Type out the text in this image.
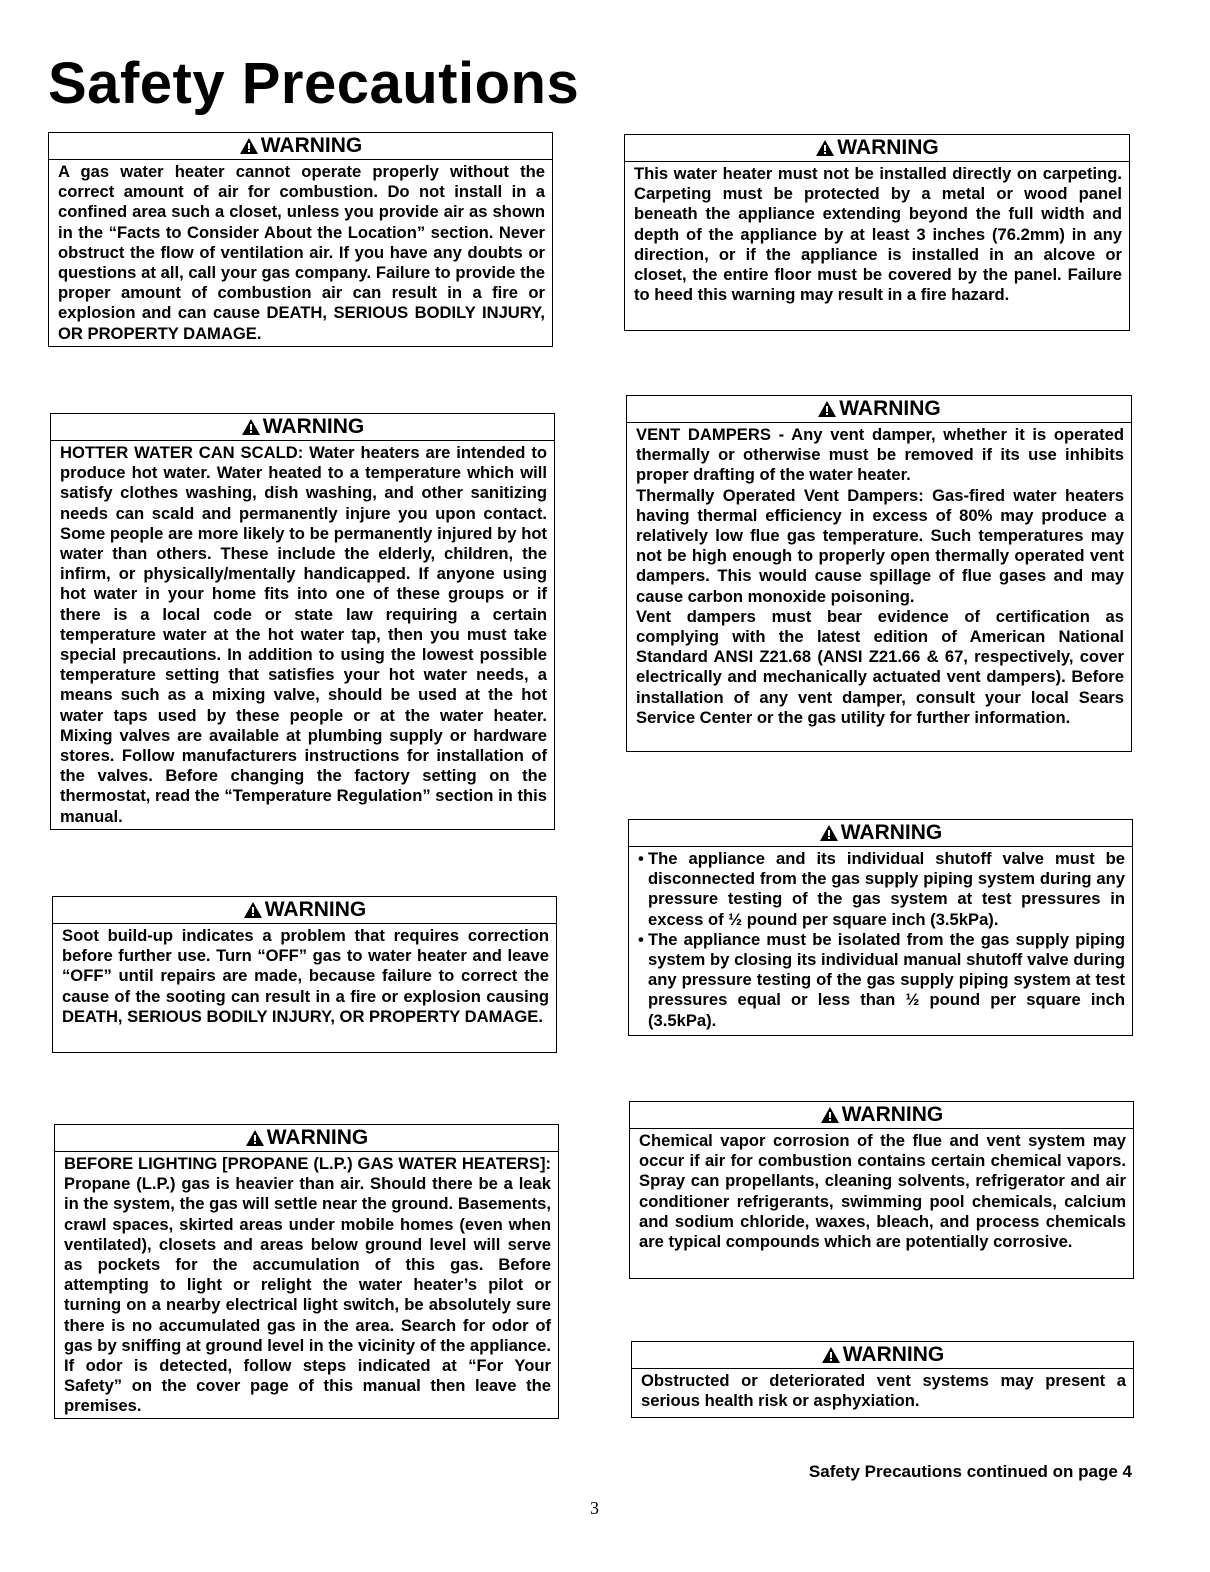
Safety Precautions
WARNING

A gas water heater cannot operate properly without the correct amount of air for combustion. Do not install in a confined area such a closet, unless you provide air as shown in the “Facts to Consider About the Location” section. Never obstruct the flow of ventilation air. If you have any doubts or questions at all, call your gas company. Failure to provide the proper amount of combustion air can result in a fire or explosion and can cause DEATH, SERIOUS BODILY INJURY, OR PROPERTY DAMAGE.

WARNING

HOTTER WATER CAN SCALD: Water heaters are intended to produce hot water. Water heated to a temperature which will satisfy clothes washing, dish washing, and other sanitizing needs can scald and permanently injure you upon contact. Some people are more likely to be permanently injured by hot water than others. These include the elderly, children, the infirm, or physically/mentally handicapped. If anyone using hot water in your home fits into one of these groups or if there is a local code or state law requiring a certain temperature water at the hot water tap, then you must take special precautions. In addition to using the lowest possible temperature setting that satisfies your hot water needs, a means such as a mixing valve, should be used at the hot water taps used by these people or at the water heater. Mixing valves are available at plumbing supply or hardware stores. Follow manufacturers instructions for installation of the valves. Before changing the factory setting on the thermostat, read the “Temperature Regulation” section in this manual.

WARNING

Soot build-up indicates a problem that requires correction before further use. Turn “OFF” gas to water heater and leave “OFF” until repairs are made, because failure to correct the cause of the sooting can result in a fire or explosion causing DEATH, SERIOUS BODILY INJURY, OR PROPERTY DAMAGE.

WARNING

BEFORE LIGHTING [PROPANE (L.P.) GAS WATER HEATERS]: Propane (L.P.) gas is heavier than air. Should there be a leak in the system, the gas will settle near the ground. Basements, crawl spaces, skirted areas under mobile homes (even when ventilated), closets and areas below ground level will serve as pockets for the accumulation of this gas. Before attempting to light or relight the water heater’s pilot or turning on a nearby electrical light switch, be absolutely sure there is no accumulated gas in the area. Search for odor of gas by sniffing at ground level in the vicinity of the appliance. If odor is detected, follow steps indicated at “For Your Safety” on the cover page of this manual then leave the premises.

WARNING

This water heater must not be installed directly on carpeting. Carpeting must be protected by a metal or wood panel beneath the appliance extending beyond the full width and depth of the appliance by at least 3 inches (76.2mm) in any direction, or if the appliance is installed in an alcove or closet, the entire floor must be covered by the panel. Failure to heed this warning may result in a fire hazard.

WARNING

VENT DAMPERS - Any vent damper, whether it is operated thermally or otherwise must be removed if its use inhibits proper drafting of the water heater.

Thermally Operated Vent Dampers: Gas-fired water heaters having thermal efficiency in excess of 80% may produce a relatively low flue gas temperature. Such temperatures may not be high enough to properly open thermally operated vent dampers. This would cause spillage of flue gases and may cause carbon monoxide poisoning.

Vent dampers must bear evidence of certification as complying with the latest edition of American National Standard ANSI Z21.68 (ANSI Z21.66 & 67, respectively, cover electrically and mechanically actuated vent dampers). Before installation of any vent damper, consult your local Sears Service Center or the gas utility for further information.

WARNING
• The appliance and its individual shutoff valve must be disconnected from the gas supply piping system during any pressure testing of the gas system at test pressures in excess of ½ pound per square inch (3.5kPa).
• The appliance must be isolated from the gas supply piping system by closing its individual manual shutoff valve during any pressure testing of the gas supply piping system at test pressures equal or less than ½ pound per square inch (3.5kPa).
WARNING

Chemical vapor corrosion of the flue and vent system may occur if air for combustion contains certain chemical vapors. Spray can propellants, cleaning solvents, refrigerator and air conditioner refrigerants, swimming pool chemicals, calcium and sodium chloride, waxes, bleach, and process chemicals are typical compounds which are potentially corrosive.

WARNING

Obstructed or deteriorated vent systems may present a serious health risk or asphyxiation.

Safety Precautions continued on page 4
3
